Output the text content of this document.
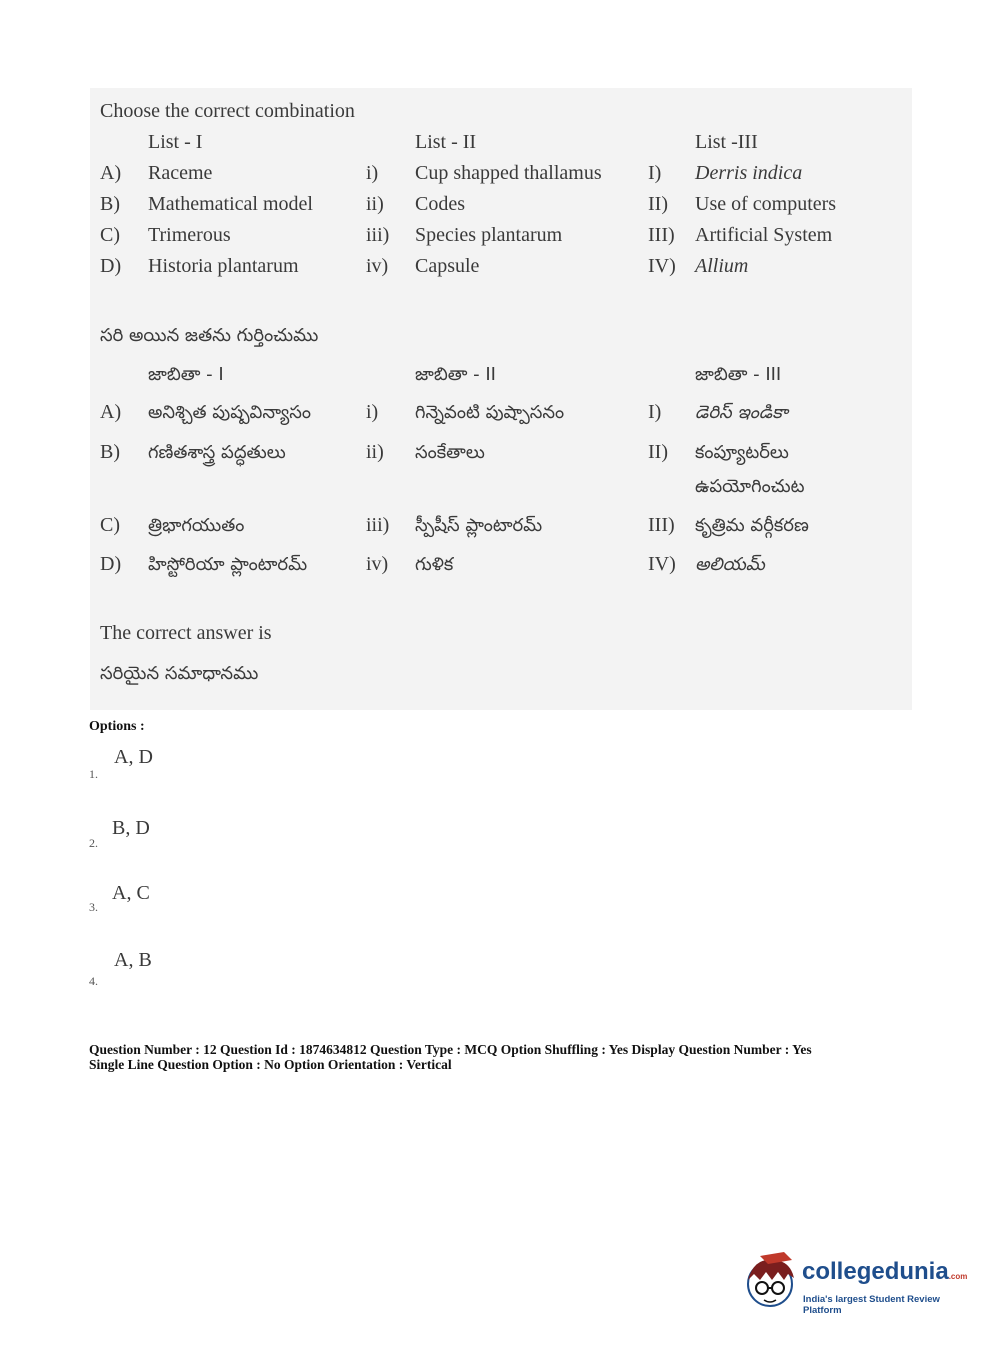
Choose the correct combination
List - I	List - II	List -III
A) Raceme	i) Cup shapped thallamus I) Derris indica
B) Mathematical model	ii) Codes	II) Use of computers
C) Trimerous	iii) Species plantarum	III) Artificial System
D) Historia plantarum	iv) Capsule	IV) Allium
సరి అయిన జతను గుర్తించుము
జాబితా - I	జాబితా - II	జాబితా - III
A) అనిశ్చిత పుష్పవిన్యాసం	i) గిన్నెవంటి పుష్పాసనం	I) డెరిస్ ఇండికా
B) గణితశాస్త్ర పద్ధతులు	ii) సంకేతాలు	II) కంప్యూటర్‌లు
ఉపయోగించుట
C) త్రిభాగయుతం	iii) స్పీషీస్ ప్లాంటారమ్	III) కృత్రిమ వర్గీకరణ
D) హిస్టోరియా ప్లాంటారమ్	iv) గుళిక	IV) అలియమ్
The correct answer is
సరియైన సమాధానము
Options :
1.
A, D
2.
B, D
3.
A, C
4.
A, B
Question Number : 12 Question Id : 1874634812 Question Type : MCQ Option Shuffling : Yes Display Question Number : Yes
Single Line Question Option : No Option Orientation : Vertical
collegedunia.com
India's largest Student Review Platform
